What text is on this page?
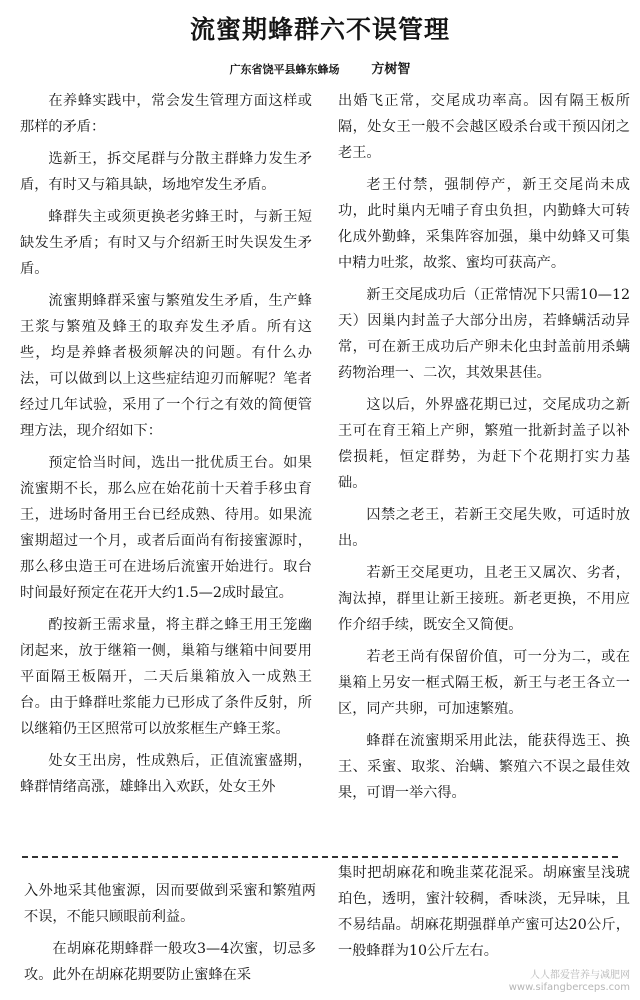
流蜜期蜂群六不误管理
广东省饶平县蜂东蜂场 方树智

在养蜂实践中，常会发生管理方面这样或那样的矛盾：

选新王，拆交尾群与分散主群蜂力发生矛盾，有时又与箱具缺，场地窄发生矛盾。

蜂群失主或须更换老劣蜂王时，与新王短缺发生矛盾；有时又与介绍新王时失误发生矛盾。

流蜜期蜂群采蜜与繁殖发生矛盾，生产蜂王浆与繁殖及蜂王的取弃发生矛盾。所有这些，均是养蜂者极须解决的问题。有什么办法，可以做到以上这些症结迎刃而解呢？笔者经过几年试验，采用了一个行之有效的简便管理方法，现介绍如下：

预定恰当时间，选出一批优质王台。如果流蜜期不长，那么应在始花前十天着手移虫育王，进场时备用王台已经成熟、待用。如果流蜜期超过一个月，或者后面尚有衔接蜜源时，那么移虫造王可在进场后流蜜开始进行。取台时间最好预定在花开大约1.5—2成时最宜。

酌按新王需求量，将主群之蜂王用王笼幽闭起来，放于继箱一侧，巢箱与继箱中间要用平面隔王板隔开，二天后巢箱放入一成熟王台。由于蜂群吐浆能力已形成了条件反射，所以继箱仍王区照常可以放浆框生产蜂王浆。

处女王出房，性成熟后，正值流蜜盛期，蜂群情绪高涨，雄蜂出入欢跃，处女王外

出婚飞正常，交尾成功率高。因有隔王板所隔，处女王一般不会越区殴杀台或干预囚闭之老王。

老王付禁，强制停产，新王交尾尚未成功，此时巢内无哺子育虫负担，内勤蜂大可转化成外勤蜂，采集阵容加强，巢中幼蜂又可集中精力吐浆，故浆、蜜均可获高产。

新王交尾成功后（正常情况下只需10—12天）因巢内封盖子大部分出房，若蜂螨活动异常，可在新王成功后产卵未化虫封盖前用杀螨药物治理一、二次，其效果甚佳。

这以后，外界盛花期已过，交尾成功之新王可在育王箱上产卵，繁殖一批新封盖子以补偿损耗，恒定群势，为赶下个花期打实力基础。

囚禁之老王，若新王交尾失败，可适时放出。

若新王交尾更功，且老王又属次、劣者，淘汰掉，群里让新王接班。新老更换，不用应作介绍手续，既安全又简便。

若老王尚有保留价值，可一分为二，或在巢箱上另安一框式隔王板，新王与老王各立一区，同产共卵，可加速繁殖。

蜂群在流蜜期采用此法，能获得选王、换王、采蜜、取浆、治螨、繁殖六不误之最佳效果，可谓一举六得。

入外地采其他蜜源，因而要做到采蜜和繁殖两不误，不能只顾眼前利益。

在胡麻花期蜂群一般攻3—4次蜜，切忌多攻。此外在胡麻花期要防止蜜蜂在采

集时把胡麻花和晚韭菜花混采。胡麻蜜呈浅琥珀色，透明，蜜汁较稠，香味淡，无异味，且不易结晶。胡麻花期强群单产蜜可达20公斤，一般蜂群为10公斤左右。

人人都爱营养与减肥网
www.sifangberceps.com
